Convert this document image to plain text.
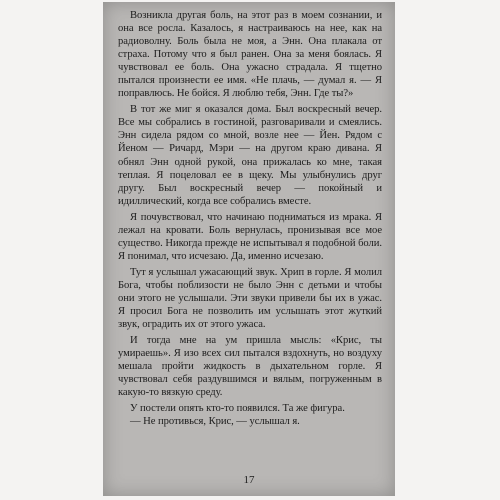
Возникла другая боль, на этот раз в моем сознании, и она все росла. Казалось, я настраиваюсь на нее, как на радиоволну. Боль была не моя, а Энн. Она плакала от страха. Потому что я был ранен. Она за меня боялась. Я чувствовал ее боль. Она ужасно страдала. Я тщетно пытался произнести ее имя. «Не плачь, — думал я. — Я поправлюсь. Не бойся. Я люблю тебя, Энн. Где ты?»

В тот же миг я оказался дома. Был воскресный вечер. Все мы собрались в гостиной, разговаривали и смеялись. Энн сидела рядом со мной, возле нее — Йен. Рядом с Йеном — Ричард, Мэри — на другом краю дивана. Я обнял Энн одной рукой, она прижалась ко мне, такая теплая. Я поцеловал ее в щеку. Мы улыбнулись друг другу. Был воскресный вечер — покойный и идиллический, когда все собрались вместе.

Я почувствовал, что начинаю подниматься из мрака. Я лежал на кровати. Боль вернулась, пронизывая все мое существо. Никогда прежде не испытывал я подобной боли. Я понимал, что исчезаю. Да, именно исчезаю.

Тут я услышал ужасающий звук. Хрип в горле. Я молил Бога, чтобы поблизости не было Энн с детьми и чтобы они этого не услышали. Эти звуки привели бы их в ужас. Я просил Бога не позволить им услышать этот жуткий звук, оградить их от этого ужаса.

И тогда мне на ум пришла мысль: «Крис, ты умираешь». Я изо всех сил пытался вздохнуть, но воздуху мешала пройти жидкость в дыхательном горле. Я чувствовал себя раздувшимся и вялым, погруженным в какую-то вязкую среду.

У постели опять кто-то появился. Та же фигура.

— Не противься, Крис, — услышал я.

17
